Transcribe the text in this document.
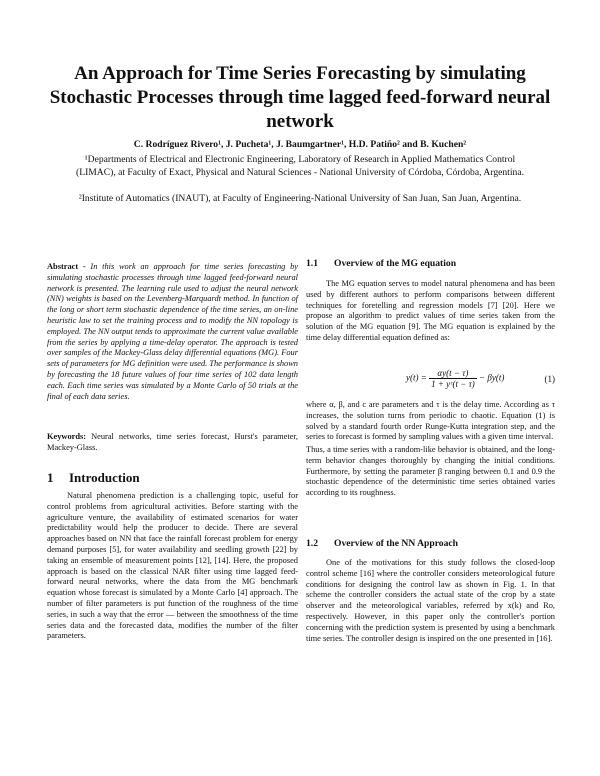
An Approach for Time Series Forecasting by simulating Stochastic Processes through time lagged feed-forward neural network
C. Rodríguez Rivero¹, J. Pucheta¹, J. Baumgartner¹, H.D. Patiño² and B. Kuchen²
¹Departments of Electrical and Electronic Engineering, Laboratory of Research in Applied Mathematics Control (LIMAC), at Faculty of Exact, Physical and Natural Sciences - National University of Córdoba, Córdoba, Argentina.
²Institute of Automatics (INAUT), at Faculty of Engineering-National University of San Juan, San Juan, Argentina.
Abstract - In this work an approach for time series forecasting by simulating stochastic processes through time lagged feed-forward neural network is presented. The learning rule used to adjust the neural network (NN) weights is based on the Levenberg-Marquardt method. In function of the long or short term stochastic dependence of the time series, an on-line heuristic law to set the training process and to modify the NN topology is employed. The NN output tends to approximate the current value available from the series by applying a time-delay operator. The approach is tested over samples of the Mackey-Glass delay differential equations (MG). Four sets of parameters for MG definition were used. The performance is shown by forecasting the 18 future values of four time series of 102 data length each. Each time series was simulated by a Monte Carlo of 50 trials at the final of each data series.
Keywords: Neural networks, time series forecast, Hurst's parameter, Mackey-Glass.
1 Introduction
Natural phenomena prediction is a challenging topic, useful for control problems from agricultural activities. Before starting with the agriculture venture, the availability of estimated scenarios for water predictability would help the producer to decide. There are several approaches based on NN that face the rainfall forecast problem for energy demand purposes [5], for water availability and seedling growth [22] by taking an ensemble of measurement points [12], [14]. Here, the proposed approach is based on the classical NAR filter using time lagged feed-forward neural networks, where the data from the MG benchmark equation whose forecast is simulated by a Monte Carlo [4] approach. The number of filter parameters is put function of the roughness of the time series, in such a way that the error — between the smoothness of the time series data and the forecasted data, modifies the number of the filter parameters.
1.1 Overview of the MG equation
The MG equation serves to model natural phenomena and has been used by different authors to perform comparisons between different techniques for foretelling and regression models [7] [20]. Here we propose an algorithm to predict values of time series taken from the solution of the MG equation [9]. The MG equation is explained by the time delay differential equation defined as:
$y(t) = \frac{\alpha y(t - \tau)}{\text{1 + yᶜ(t − τ)}} - \beta y(t)$	(1)
where α, β, and c are parameters and τ is the delay time. According as τ increases, the solution turns from periodic to chaotic. Equation (1) is solved by a standard fourth order Runge-Kutta integration step, and the series to forecast is formed by sampling values with a given time interval.
Thus, a time series with a random-like behavior is obtained, and the long-term behavior changes thoroughly by changing the initial conditions. Furthermore, by setting the parameter β ranging between 0.1 and 0.9 the stochastic dependence of the deterministic time series obtained varies according to its roughness.
1.2 Overview of the NN Approach
One of the motivations for this study follows the closed-loop control scheme [16] where the controller considers meteorological future conditions for designing the control law as shown in Fig. 1. In that scheme the controller considers the actual state of the crop by a state observer and the meteorological variables, referred by x(k) and Ro, respectively. However, in this paper only the controller's portion concerning with the prediction system is presented by using a benchmark time series. The controller design is inspired on the one presented in [16].
